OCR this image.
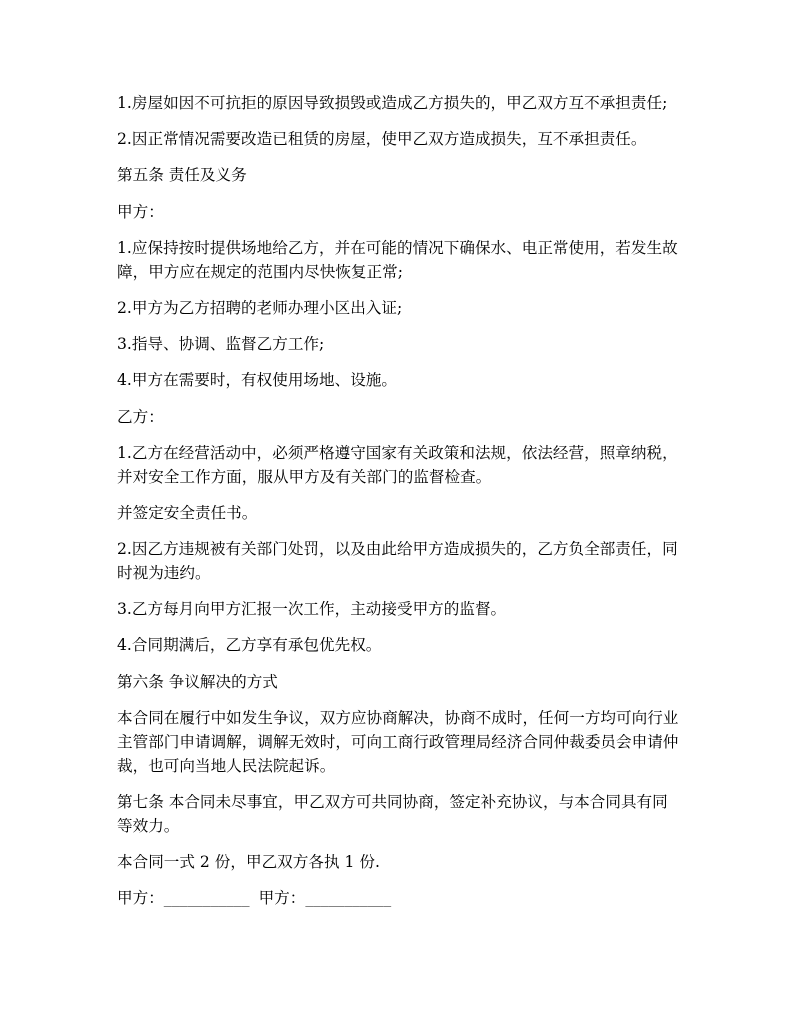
1.房屋如因不可抗拒的原因导致损毁或造成乙方损失的，甲乙双方互不承担责任;

2.因正常情况需要改造已租赁的房屋，使甲乙双方造成损失，互不承担责任。

第五条 责任及义务

甲方：

1.应保持按时提供场地给乙方，并在可能的情况下确保水、电正常使用，若发生故障，甲方应在规定的范围内尽快恢复正常;

2.甲方为乙方招聘的老师办理小区出入证;

3.指导、协调、监督乙方工作;

4.甲方在需要时，有权使用场地、设施。

乙方：

1.乙方在经营活动中，必须严格遵守国家有关政策和法规，依法经营，照章纳税，并对安全工作方面，服从甲方及有关部门的监督检查。

并签定安全责任书。

2.因乙方违规被有关部门处罚，以及由此给甲方造成损失的，乙方负全部责任，同时视为违约。

3.乙方每月向甲方汇报一次工作，主动接受甲方的监督。

4.合同期满后，乙方享有承包优先权。

第六条 争议解决的方式

本合同在履行中如发生争议，双方应协商解决，协商不成时，任何一方均可向行业主管部门申请调解，调解无效时，可向工商行政管理局经济合同仲裁委员会申请仲裁，也可向当地人民法院起诉。

第七条 本合同未尽事宜，甲乙双方可共同协商，签定补充协议，与本合同具有同等效力。

本合同一式 2 份，甲乙双方各执 1 份.

甲方：___________ 甲方：___________
